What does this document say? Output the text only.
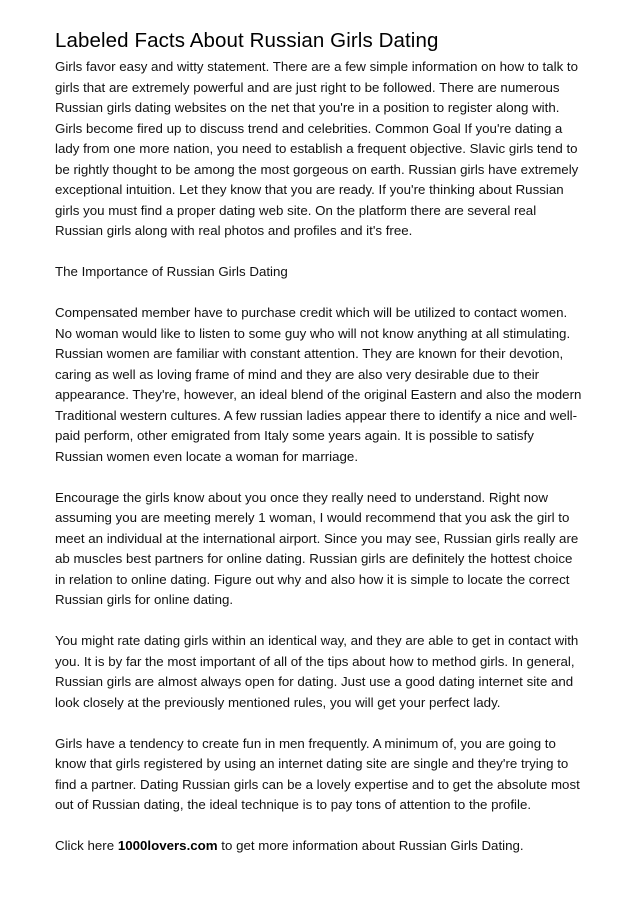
Labeled Facts About Russian Girls Dating

Girls favor easy and witty statement. There are a few simple information on how to talk to girls that are extremely powerful and are just right to be followed. There are numerous Russian girls dating websites on the net that you're in a position to register along with.

Girls become fired up to discuss trend and celebrities. Common Goal If you're dating a lady from one more nation, you need to establish a frequent objective. Slavic girls tend to be rightly thought to be among the most gorgeous on earth. Russian girls have extremely exceptional intuition. Let they know that you are ready. If you're thinking about Russian girls you must find a proper dating web site. On the platform there are several real Russian girls along with real photos and profiles and it's free.

The Importance of Russian Girls Dating

Compensated member have to purchase credit which will be utilized to contact women. No woman would like to listen to some guy who will not know anything at all stimulating. Russian women are familiar with constant attention. They are known for their devotion, caring as well as loving frame of mind and they are also very desirable due to their appearance. They're, however, an ideal blend of the original Eastern and also the modern Traditional western cultures. A few russian ladies appear there to identify a nice and well-paid perform, other emigrated from Italy some years again. It is possible to satisfy Russian women even locate a woman for marriage.

Encourage the girls know about you once they really need to understand. Right now assuming you are meeting merely 1 woman, I would recommend that you ask the girl to meet an individual at the international airport. Since you may see, Russian girls really are ab muscles best partners for online dating. Russian girls are definitely the hottest choice in relation to online dating. Figure out why and also how it is simple to locate the correct Russian girls for online dating.

You might rate dating girls within an identical way, and they are able to get in contact with you. It is by far the most important of all of the tips about how to method girls. In general, Russian girls are almost always open for dating. Just use a good dating internet site and look closely at the previously mentioned rules, you will get your perfect lady.

Girls have a tendency to create fun in men frequently. A minimum of, you are going to know that girls registered by using an internet dating site are single and they're trying to find a partner. Dating Russian girls can be a lovely expertise and to get the absolute most out of Russian dating, the ideal technique is to pay tons of attention to the profile.

Click here 1000lovers.com to get more information about Russian Girls Dating.
